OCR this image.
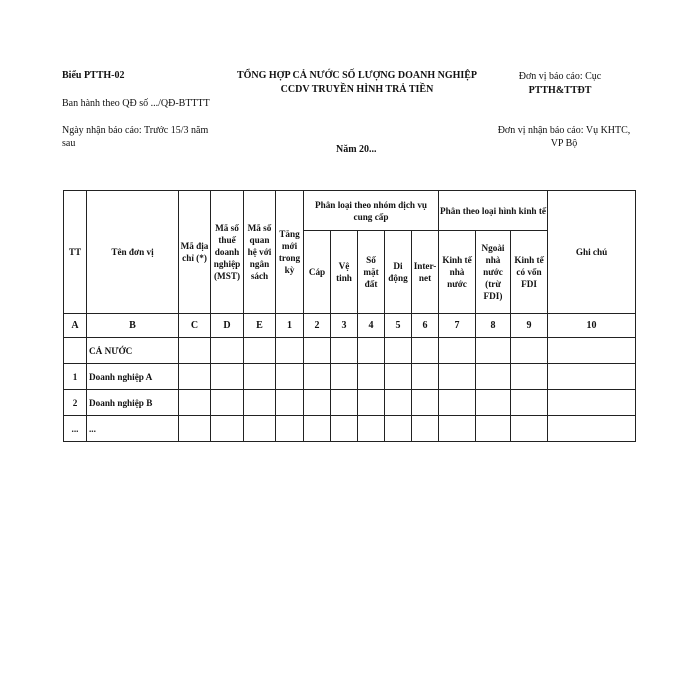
Biểu PTTH-02	TỔNG HỢP CẢ NƯỚC SỐ LƯỢNG DOANH NGHIỆP
CCDV TRUYỀN HÌNH TRẢ TIỀN
Đơn vị báo cáo: Cục
PTTH&TTĐT
Ban hành theo QĐ số .../QĐ-BTTTT
Ngày nhận báo cáo: Trước 15/3 năm
sau
Đơn vị nhận báo cáo: Vụ KHTC,
VP Bộ
Năm 20...
TT	Tên đơn vị	Mã địa chỉ (*)	Mã số thuế doanh nghiệp (MST)	Mã số quan hệ với ngân sách	Tăng mới trong kỳ	Phân loại theo nhóm dịch vụ cung cấp					Phân theo loại hình kinh tế			Ghi chú
						Cáp	Vệ tinh	Số mặt đất	Di động	Inter-net	Kinh tế nhà nước	Ngoài nhà nước (trừ FDI)	Kinh tế có vốn FDI	
A	B	C	D	E	1	2	3	4	5	6	7	8	9	10
	CẢ NƯỚC													
1	Doanh nghiệp A													
2	Doanh nghiệp B													
...	...													
